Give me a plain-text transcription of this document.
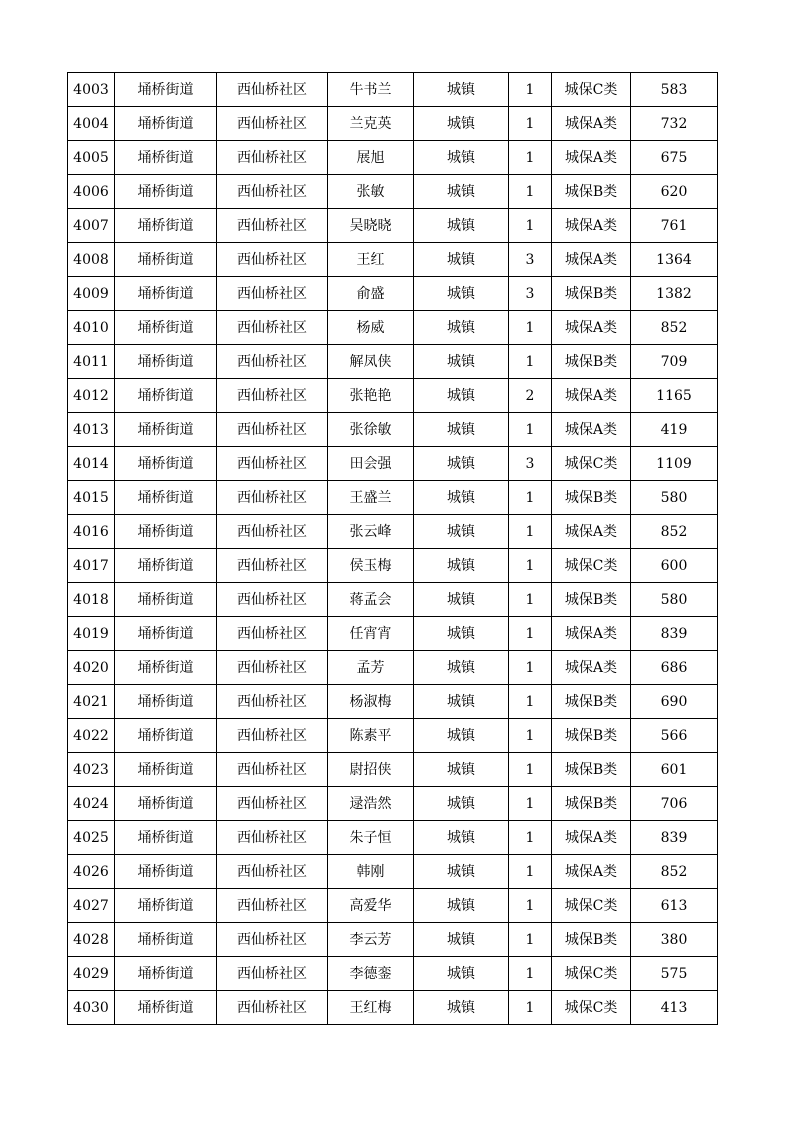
4003	埇桥街道	西仙桥社区	牛书兰	城镇	1	城保C类	583
4004	埇桥街道	西仙桥社区	兰克英	城镇	1	城保A类	732
4005	埇桥街道	西仙桥社区	展旭	城镇	1	城保A类	675
4006	埇桥街道	西仙桥社区	张敏	城镇	1	城保B类	620
4007	埇桥街道	西仙桥社区	吴晓晓	城镇	1	城保A类	761
4008	埇桥街道	西仙桥社区	王红	城镇	3	城保A类	1364
4009	埇桥街道	西仙桥社区	俞盛	城镇	3	城保B类	1382
4010	埇桥街道	西仙桥社区	杨威	城镇	1	城保A类	852
4011	埇桥街道	西仙桥社区	解凤侠	城镇	1	城保B类	709
4012	埇桥街道	西仙桥社区	张艳艳	城镇	2	城保A类	1165
4013	埇桥街道	西仙桥社区	张徐敏	城镇	1	城保A类	419
4014	埇桥街道	西仙桥社区	田会强	城镇	3	城保C类	1109
4015	埇桥街道	西仙桥社区	王盛兰	城镇	1	城保B类	580
4016	埇桥街道	西仙桥社区	张云峰	城镇	1	城保A类	852
4017	埇桥街道	西仙桥社区	侯玉梅	城镇	1	城保C类	600
4018	埇桥街道	西仙桥社区	蒋孟会	城镇	1	城保B类	580
4019	埇桥街道	西仙桥社区	任宵宵	城镇	1	城保A类	839
4020	埇桥街道	西仙桥社区	孟芳	城镇	1	城保A类	686
4021	埇桥街道	西仙桥社区	杨淑梅	城镇	1	城保B类	690
4022	埇桥街道	西仙桥社区	陈素平	城镇	1	城保B类	566
4023	埇桥街道	西仙桥社区	尉招侠	城镇	1	城保B类	601
4024	埇桥街道	西仙桥社区	逯浩然	城镇	1	城保B类	706
4025	埇桥街道	西仙桥社区	朱子恒	城镇	1	城保A类	839
4026	埇桥街道	西仙桥社区	韩刚	城镇	1	城保A类	852
4027	埇桥街道	西仙桥社区	高爱华	城镇	1	城保C类	613
4028	埇桥街道	西仙桥社区	李云芳	城镇	1	城保B类	380
4029	埇桥街道	西仙桥社区	李德銮	城镇	1	城保C类	575
4030	埇桥街道	西仙桥社区	王红梅	城镇	1	城保C类	413
